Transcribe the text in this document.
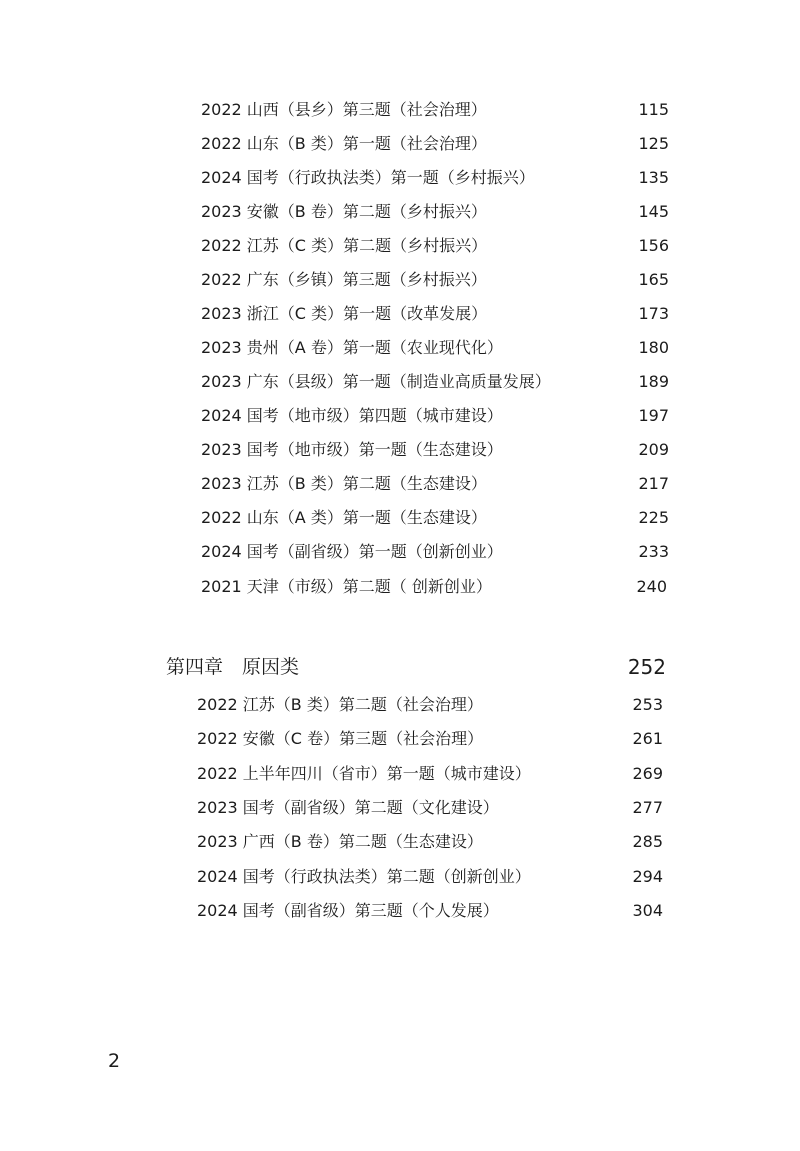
2022 山西（县乡）第三题（社会治理）	115
2022 山东（B 类）第一题（社会治理）	125
2024 国考（行政执法类）第一题（乡村振兴）	135
2023 安徽（B 卷）第二题（乡村振兴）	145
2022 江苏（C 类）第二题（乡村振兴）	156
2022 广东（乡镇）第三题（乡村振兴）	165
2023 浙江（C 类）第一题（改革发展）	173
2023 贵州（A 卷）第一题（农业现代化）	180
2023 广东（县级）第一题（制造业高质量发展）	189
2024 国考（地市级）第四题（城市建设）	197
2023 国考（地市级）第一题（生态建设）	209
2023 江苏（B 类）第二题（生态建设）	217
2022 山东（A 类）第一题（生态建设）	225
2024 国考（副省级）第一题（创新创业）	233
2021 天津（市级）第二题（ 创新创业）	240
第四章　原因类	252
2022 江苏（B 类）第二题（社会治理）	253
2022 安徽（C 卷）第三题（社会治理）	261
2022 上半年四川（省市）第一题（城市建设）	269
2023 国考（副省级）第二题（文化建设）	277
2023 广西（B 卷）第二题（生态建设）	285
2024 国考（行政执法类）第二题（创新创业）	294
2024 国考（副省级）第三题（个人发展）	304
2
